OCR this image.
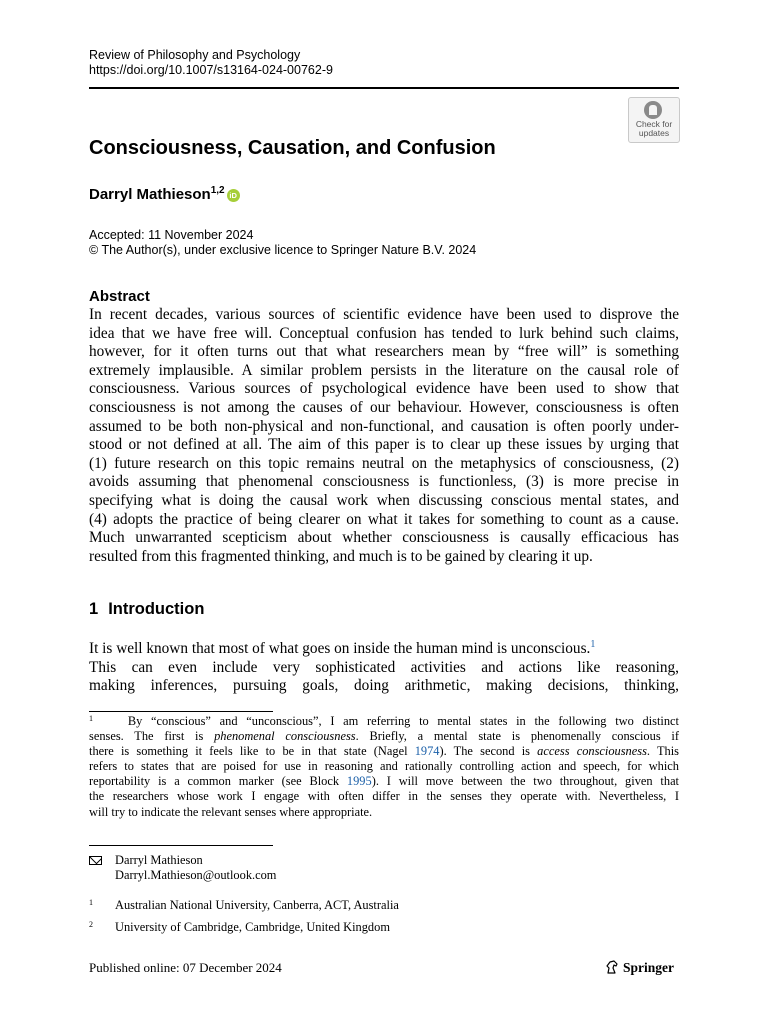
Review of Philosophy and Psychology
https://doi.org/10.1007/s13164-024-00762-9
Check for
updates
Consciousness, Causation, and Confusion
Darryl Mathieson$^{1,2}$ iD
Accepted: 11 November 2024
© The Author(s), under exclusive licence to Springer Nature B.V. 2024
Abstract
In recent decades, various sources of scientific evidence have been used to disprove the
idea that we have free will. Conceptual confusion has tended to lurk behind such claims,
however, for it often turns out that what researchers mean by “free will” is something
extremely implausible. A similar problem persists in the literature on the causal role of
consciousness. Various sources of psychological evidence have been used to show that
consciousness is not among the causes of our behaviour. However, consciousness is often
assumed to be both non-physical and non-functional, and causation is often poorly under-
stood or not defined at all. The aim of this paper is to clear up these issues by urging that
(1) future research on this topic remains neutral on the metaphysics of consciousness, (2)
avoids assuming that phenomenal consciousness is functionless, (3) is more precise in
specifying what is doing the causal work when discussing conscious mental states, and
(4) adopts the practice of being clearer on what it takes for something to count as a cause.
Much unwarranted scepticism about whether consciousness is causally efficacious has
resulted from this fragmented thinking, and much is to be gained by clearing it up.
1 Introduction
It is well known that most of what goes on inside the human mind is unconscious.$^1$
This can even include very sophisticated activities and actions like reasoning,
making inferences, pursuing goals, doing arithmetic, making decisions, thinking,
$^1$	By “conscious” and “unconscious”, I am referring to mental states in the following two distinct
senses. The first is phenomenal consciousness. Briefly, a mental state is phenomenally conscious if
there is something it feels like to be in that state (Nagel 1974). The second is access consciousness. This
refers to states that are poised for use in reasoning and rationally controlling action and speech, for which
reportability is a common marker (see Block 1995). I will move between the two throughout, given that
the researchers whose work I engage with often differ in the senses they operate with. Nevertheless, I
will try to indicate the relevant senses where appropriate.
Darryl Mathieson
Darryl.Mathieson@outlook.com
1 Australian National University, Canberra, ACT, Australia
2 University of Cambridge, Cambridge, United Kingdom
Published online: 07 December 2024	Springer
